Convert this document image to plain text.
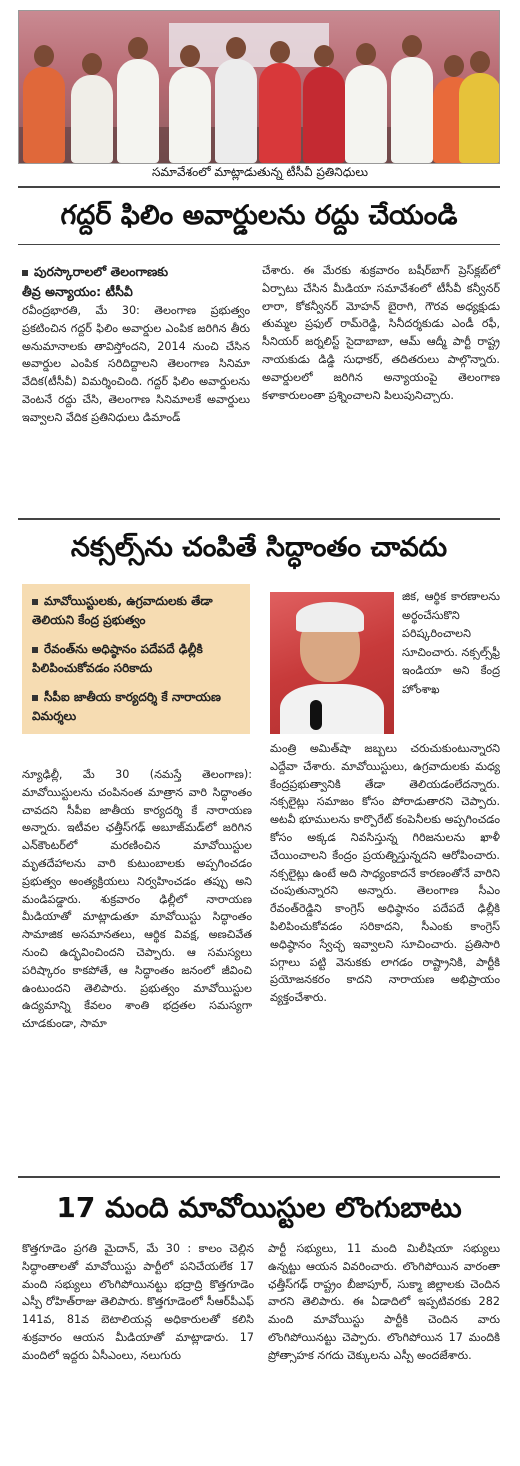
సమావేశంలో మాట్లాడుతున్న టీసీవీ ప్రతినిధులు
గద్దర్ ఫిలిం అవార్డులను రద్దు చేయండి
పురస్కారాలలో తెలంగాణకు
తీవ్ర అన్యాయం: టీసీవీ

రవీంద్రభారతి, మే 30: తెలంగాణ ప్రభుత్వం ప్రకటించిన గద్దర్ ఫిలిం అవార్డుల ఎంపిక జరిగిన తీరు అనుమానాలకు తావిస్తోందని, 2014 నుంచి చేసిన అవార్డుల ఎంపిక సరిదిద్దాలని తెలంగాణ సినిమా వేదిక(టీసీవీ) విమర్శించింది. గద్దర్ ఫిలిం అవార్డులను వెంటనే రద్దు చేసి, తెలంగాణ సినిమాలకే అవార్డులు ఇవ్వాలని వేదిక ప్రతినిధులు డిమాండ్

చేశారు. ఈ మేరకు శుక్రవారం బషీర్‌బాగ్ ప్రెస్‌క్లబ్‌లో ఏర్పాటు చేసిన మీడియా సమావేశంలో టీసీవీ కన్వీనర్ లారా, కోకన్వీనర్ మోహన్ బైరాగి, గౌరవ అధ్యక్షుడు తుమ్మల ప్రఫుల్ రామ్‌రెడ్డి, సినీదర్శకుడు ఎండీ రఫీ, సీనియర్ జర్నలిస్ట్ సైదాబాబా, ఆమ్ ఆద్మీ పార్టీ రాష్ట్ర నాయకుడు డిడ్డి సుధాకర్, తదితరులు పాల్గొన్నారు. అవార్డులలో జరిగిన అన్యాయంపై తెలంగాణ కళాకారులంతా ప్రశ్నించాలని పిలుపునిచ్చారు.

నక్సల్స్‌ను చంపితే సిద్ధాంతం చావదు
మావోయిస్టులకు, ఉగ్రవాదులకు తేడా తెలియని కేంద్ర ప్రభుత్వం
రేవంత్‌ను అధిష్ఠానం పదేపదే ఢిల్లీకి పిలిపించుకోవడం సరికాదు
సీపీఐ జాతీయ కార్యదర్శి కే నారాయణ విమర్శలు

జిక, ఆర్థిక కారణాలను అర్థంచేసుకొని పరిష్కరించాలని సూచించారు. నక్సల్స్‌ఫ్రీ ఇండియా అని కేంద్ర హోంశాఖ

న్యూఢిల్లీ, మే 30 (నమస్తే తెలంగాణ): మావోయిస్టులను చంపినంత మాత్రాన వారి సిద్ధాంతం చావదని సీపీఐ జాతీయ కార్యదర్శి కే నారాయణ అన్నారు. ఇటీవల ఛత్తీస్‌గఢ్ అబూజ్‌మడ్‌లో జరిగిన ఎన్‌కౌంటర్‌లో మరణించిన మావోయిస్టుల మృతదేహాలను వారి కుటుంబాలకు అప్పగించడం ప్రభుత్వం అంత్యక్రియలు నిర్వహించడం తప్పు అని మండిపడ్డారు. శుక్రవారం ఢిల్లీలో నారాయణ మీడియాతో మాట్లాడుతూ మావోయిస్టు సిద్ధాంతం సామాజిక అసమానతలు, ఆర్థిక వివక్ష, అణచివేత నుంచి ఉద్భవించిందని చెప్పారు. ఆ సమస్యలు పరిష్కారం కాకపోతే, ఆ సిద్ధాంతం జనంలో జీవించి ఉంటుందని తెలిపారు. ప్రభుత్వం మావోయిస్టుల ఉద్యమాన్ని కేవలం శాంతి భద్రతల సమస్యగా చూడకుండా, సామా

మంత్రి అమిత్‌షా జబ్బలు చరుచుకుంటున్నారని ఎద్దేవా చేశారు. మావోయిస్టులు, ఉగ్రవాదులకు మధ్య కేంద్రప్రభుత్వానికి తేడా తెలియడంలేదన్నారు. నక్సలైట్లు సమాజం కోసం పోరాడుతారని చెప్పారు. అటవీ భూములను కార్పొరేట్ కంపెనీలకు అప్పగించడం కోసం అక్కడ నివసిస్తున్న గిరిజనులను ఖాళీ చేయించాలని కేంద్రం ప్రయత్నిస్తున్నదని ఆరోపించారు. నక్సలైట్లు ఉంటే అది సాధ్యంకాదనే కారణంతోనే వారిని చంపుతున్నారని అన్నారు. తెలంగాణ సీఎం రేవంత్‌రెడ్డిని కాంగ్రెస్ అధిష్ఠానం పదేపదే ఢిల్లీకి పిలిపించుకోవడం సరికాదని, సీఎంకు కాంగ్రెస్ అధిష్ఠానం స్వేచ్ఛ ఇవ్వాలని సూచించారు. ప్రతిసారి పగ్గాలు పట్టి వెనుకకు లాగడం రాష్ట్రానికి, పార్టీకి ప్రయోజనకరం కాదని నారాయణ అభిప్రాయం వ్యక్తంచేశారు.

17 మంది మావోయిస్టుల లొంగుబాటు

కొత్తగూడెం ప్రగతి మైదాన్, మే 30 : కాలం చెల్లిన సిద్ధాంతాలతో మావోయిస్టు పార్టీలో పనిచేయలేక 17 మంది సభ్యులు లొంగిపోయినట్టు భద్రాద్రి కొత్తగూడెం ఎస్పీ రోహిత్‌రాజు తెలిపారు. కొత్తగూడెంలో సీఆర్‌పీఎఫ్ 141వ, 81వ బెటాలియన్ల అధికారులతో కలిసి శుక్రవారం ఆయన మీడియాతో మాట్లాడారు. 17 మందిలో ఇద్దరు ఏసీఎంలు, నలుగురు

పార్టీ సభ్యులు, 11 మంది మిలీషియా సభ్యులు ఉన్నట్టు ఆయన వివరించారు. లొంగిపోయిన వారంతా ఛత్తీస్‌గఢ్ రాష్ట్రం బీజాపూర్, సుక్మా జిల్లాలకు చెందిన వారని తెలిపారు. ఈ ఏడాదిలో ఇప్పటివరకు 282 మంది మావోయిస్టు పార్టీకి చెందిన వారు లొంగిపోయినట్టు చెప్పారు. లొంగిపోయిన 17 మందికి ప్రోత్సాహక నగదు చెక్కులను ఎస్పీ అందజేశారు.
